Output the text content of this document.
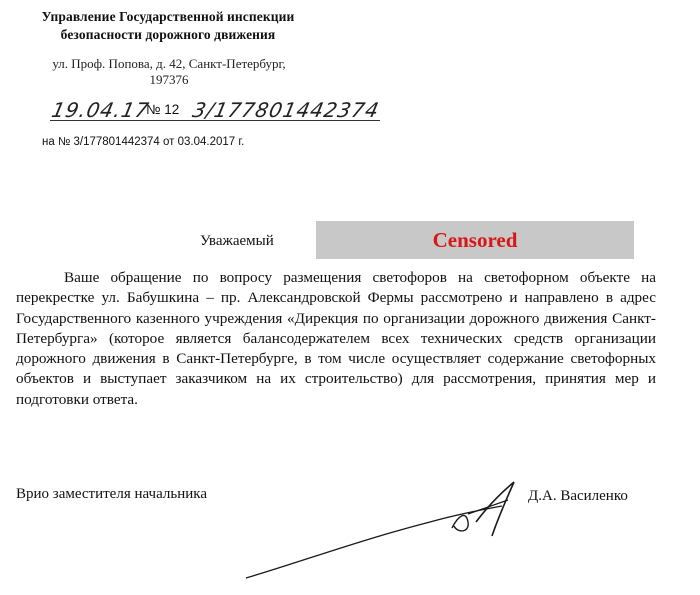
Управление Государственной инспекции
безопасности дорожного движения
ул. Проф. Попова, д. 42, Санкт-Петербург,
197376
19.04.17
№ 12 3/177801442374
на № 3/177801442374 от 03.04.2017 г.
Уважаемый	Censored

Ваше обращение по вопросу размещения светофоров на светофорном объекте на перекрестке ул. Бабушкина – пр. Александровской Фермы рассмотрено и направлено в адрес Государственного казенного учреждения «Дирекция по организации дорожного движения Санкт-Петербурга» (которое является балансодержателем всех технических средств организации дорожного движения в Санкт-Петербурге, в том числе осуществляет содержание светофорных объектов и выступает заказчиком на их строительство) для рассмотрения, принятия мер и подготовки ответа.

Врио заместителя начальника	Д.А. Василенко
